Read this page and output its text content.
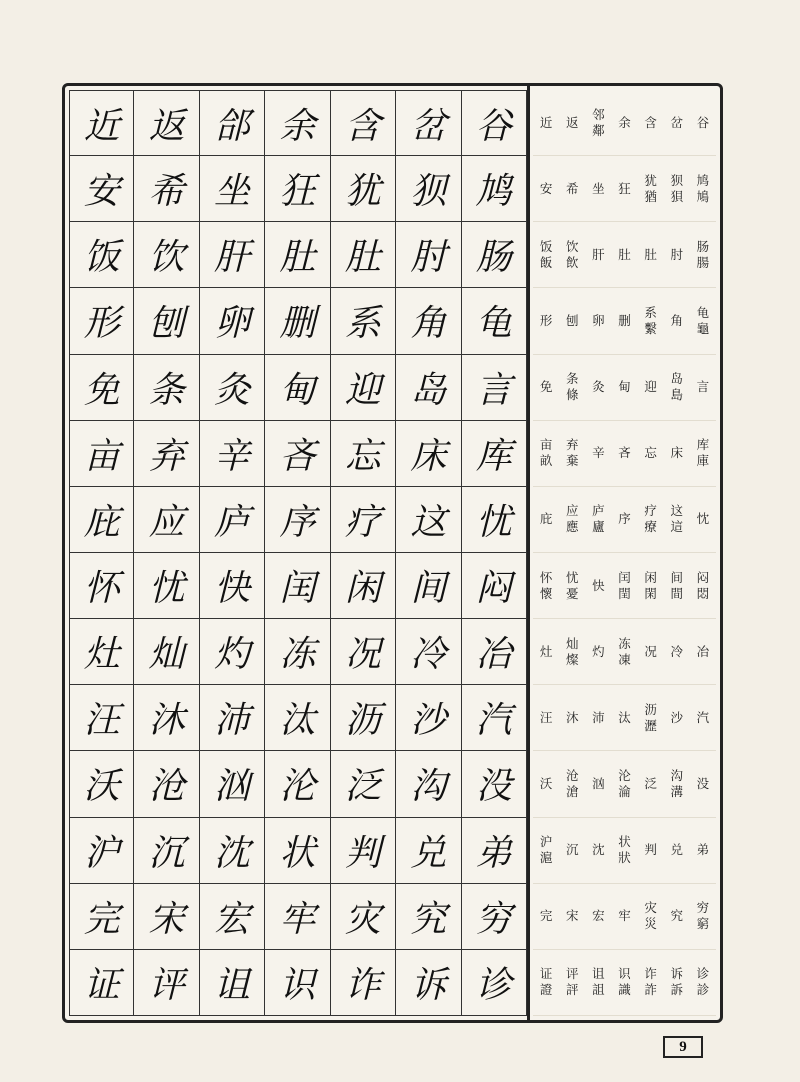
近 返 郃 余 含 岔 谷
安 希 坐 狂 犹 狈 鸠
饭 饮 肝 肚 肚 肘 肠
形 刨 卵 删 系 角 龟
免 条 灸 甸 迎 岛 言
亩 弃 辛 吝 忘 床 库
庇 应 庐 序 疗 这 忧
怀 忧 快 闰 闲 间 闷
灶 灿 灼 冻 况 冷 冶
汪 沐 沛 汰 沥 沙 汽
沃 沧 汹 沦 泛 沟 没
沪 沉 沈 状 判 兑 弟
完 宋 宏 牢 灾 究 穷
证 评 诅 识 诈 诉 诊
近 返
邻
鄰
余 含 岔 谷
安 希 坐 狂
犹
猶
狈
狽
鸠
鳩
饭
飯
饮
飲
肝 肚 肚 肘
肠
腸
形 刨 卵 删
系
繫
角
龟
龜
免
条
條
灸 甸 迎
岛
島
言
亩
畝
弃
棄
辛 吝 忘 床
库
庫
庇
应
應
庐
廬
序
疗
療
这
這
忱
怀
懷
忧
憂
快
闰
閏
闲
閑
间
間
闷
悶
灶
灿
燦
灼
冻
凍
况 冷 冶
汪 沐 沛 汰
沥
瀝
沙 汽
沃
沧
滄
汹
沦
淪
泛
沟
溝
没
沪
滬
沉 沈
状
狀
判 兑 弟
完 宋 宏 牢
灾
災
究
穷
窮
证
證
评
評
诅
詛
识
識
诈
詐
诉
訴
诊
診
9
